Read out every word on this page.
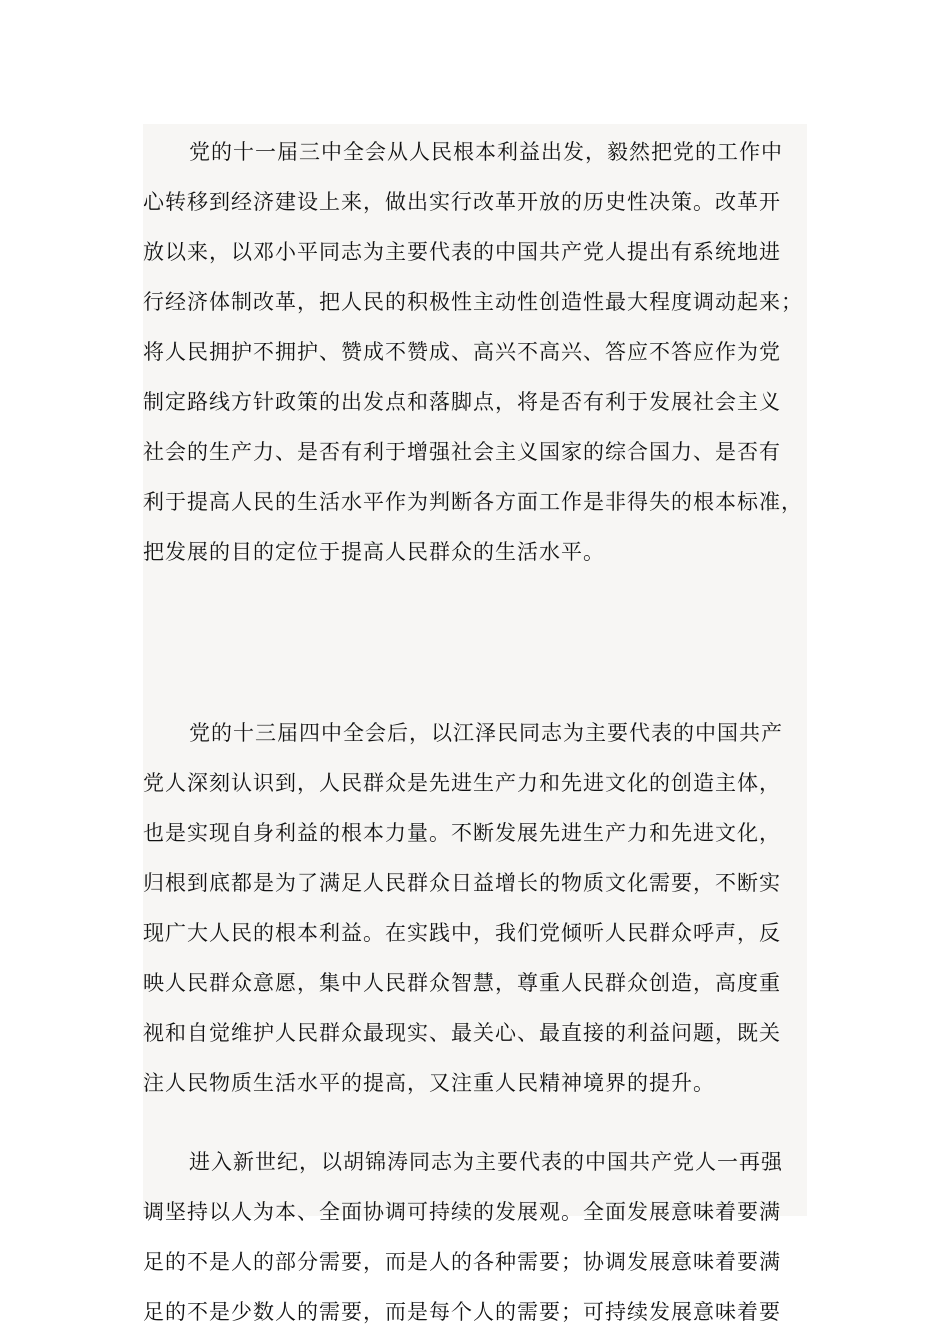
党的十一届三中全会从人民根本利益出发，毅然把党的工作中
心转移到经济建设上来，做出实行改革开放的历史性决策。改革开
放以来，以邓小平同志为主要代表的中国共产党人提出有系统地进
行经济体制改革，把人民的积极性主动性创造性最大程度调动起来；
将人民拥护不拥护、赞成不赞成、高兴不高兴、答应不答应作为党
制定路线方针政策的出发点和落脚点，将是否有利于发展社会主义
社会的生产力、是否有利于增强社会主义国家的综合国力、是否有
利于提高人民的生活水平作为判断各方面工作是非得失的根本标准，
把发展的目的定位于提高人民群众的生活水平。
党的十三届四中全会后，以江泽民同志为主要代表的中国共产
党人深刻认识到，人民群众是先进生产力和先进文化的创造主体，
也是实现自身利益的根本力量。不断发展先进生产力和先进文化，
归根到底都是为了满足人民群众日益增长的物质文化需要，不断实
现广大人民的根本利益。在实践中，我们党倾听人民群众呼声，反
映人民群众意愿，集中人民群众智慧，尊重人民群众创造，高度重
视和自觉维护人民群众最现实、最关心、最直接的利益问题，既关
注人民物质生活水平的提高，又注重人民精神境界的提升。
进入新世纪，以胡锦涛同志为主要代表的中国共产党人一再强
调坚持以人为本、全面协调可持续的发展观。全面发展意味着要满
足的不是人的部分需要，而是人的各种需要；协调发展意味着要满
足的不是少数人的需要，而是每个人的需要；可持续发展意味着要
